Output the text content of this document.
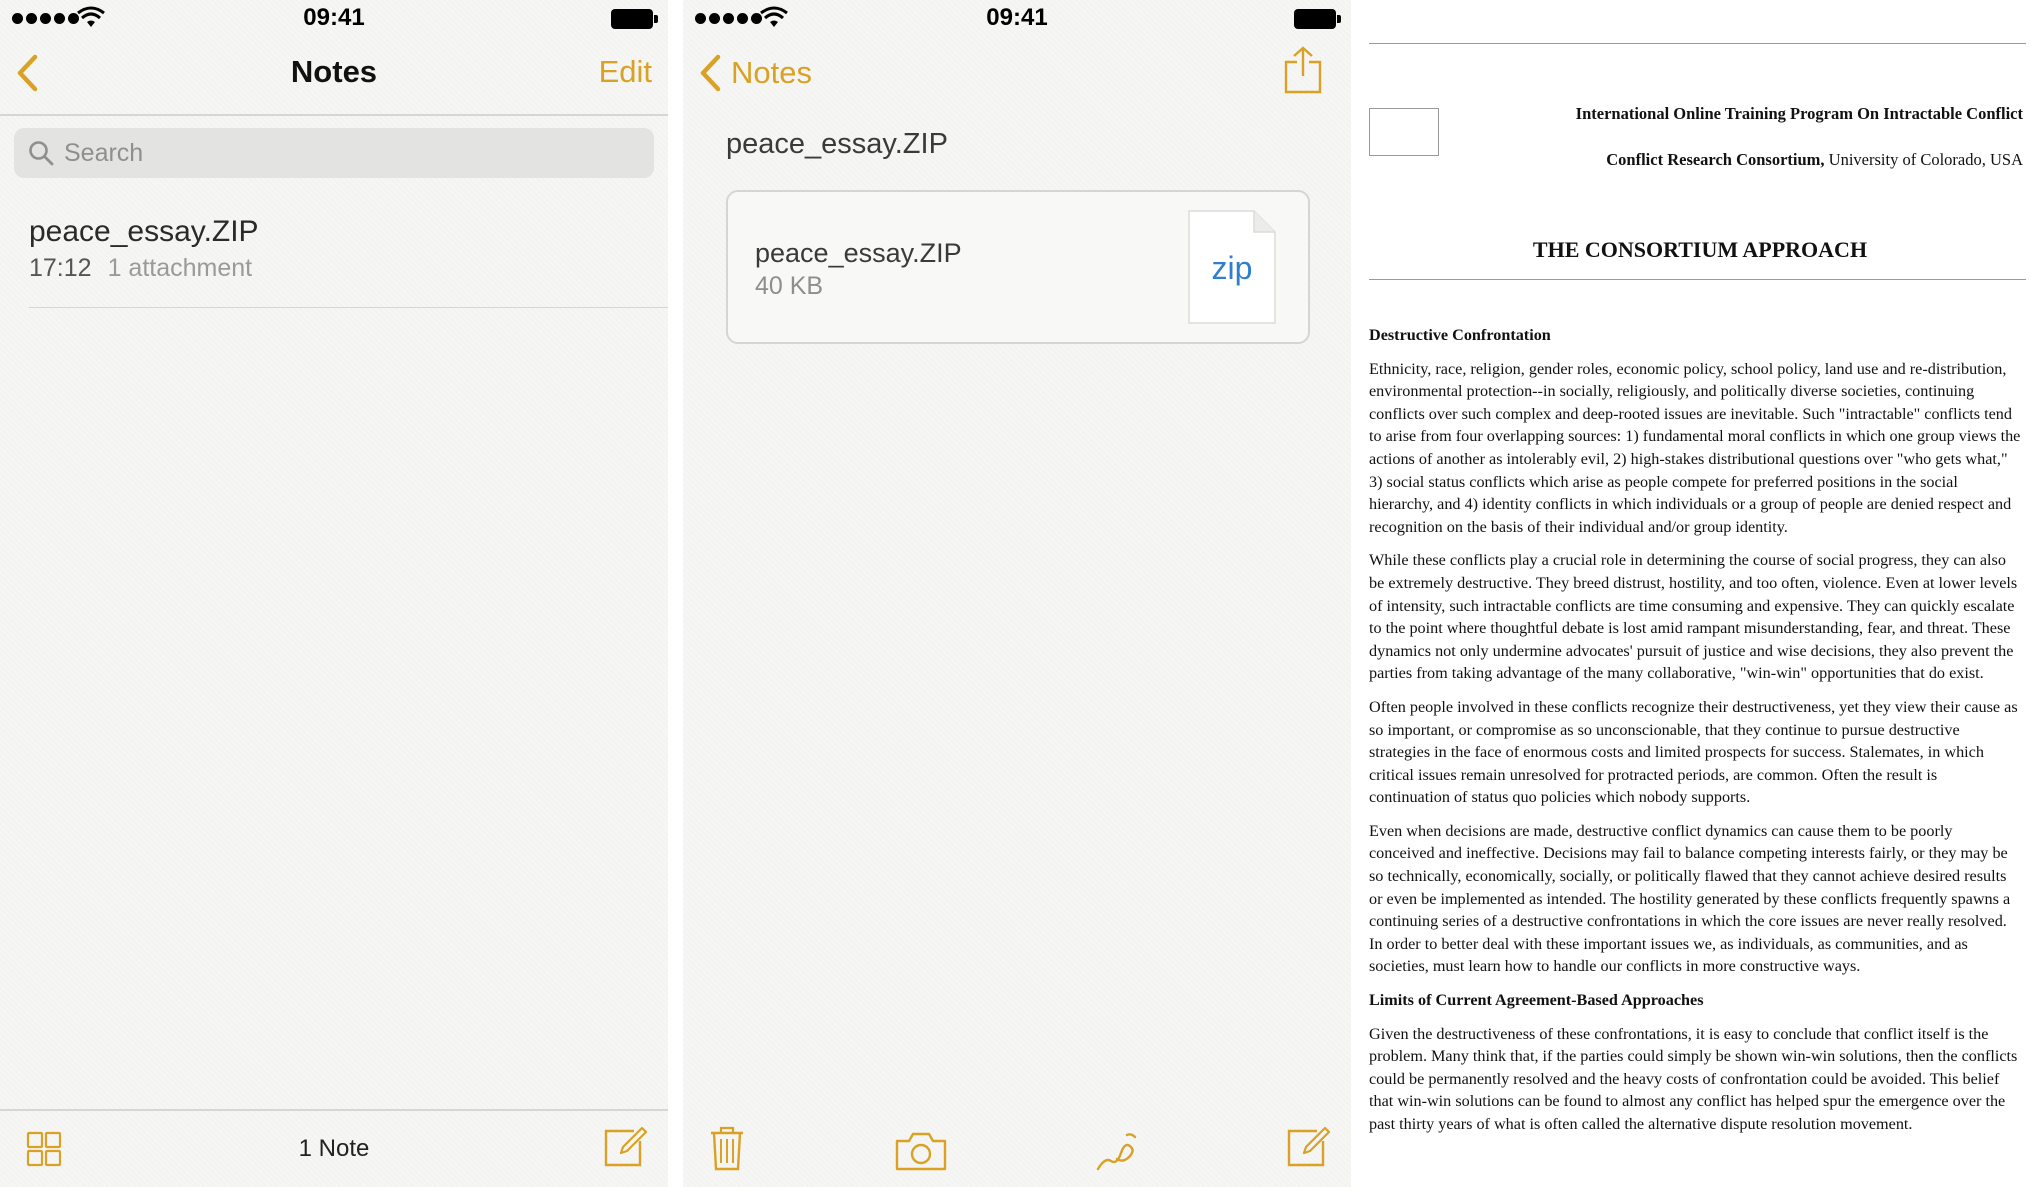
09:41
Notes	Edit
Search
peace_essay.ZIP
17:12 1 attachment
1 Note
09:41
Notes
peace_essay.ZIP
peace_essay.ZIP
40 KB	zip
International Online Training Program On Intractable Conflict
Conflict Research Consortium, University of Colorado, USA
THE CONSORTIUM APPROACH
Destructive Confrontation

Ethnicity, race, religion, gender roles, economic policy, school policy, land use and re-distribution, environmental protection--in socially, religiously, and politically diverse societies, continuing conflicts over such complex and deep-rooted issues are inevitable. Such "intractable" conflicts tend to arise from four overlapping sources: 1) fundamental moral conflicts in which one group views the actions of another as intolerably evil, 2) high-stakes distributional questions over "who gets what," 3) social status conflicts which arise as people compete for preferred positions in the social hierarchy, and 4) identity conflicts in which individuals or a group of people are denied respect and recognition on the basis of their individual and/or group identity.

While these conflicts play a crucial role in determining the course of social progress, they can also be extremely destructive. They breed distrust, hostility, and too often, violence. Even at lower levels of intensity, such intractable conflicts are time consuming and expensive. They can quickly escalate to the point where thoughtful debate is lost amid rampant misunderstanding, fear, and threat. These dynamics not only undermine advocates' pursuit of justice and wise decisions, they also prevent the parties from taking advantage of the many collaborative, "win-win" opportunities that do exist.

Often people involved in these conflicts recognize their destructiveness, yet they view their cause as so important, or compromise as so unconscionable, that they continue to pursue destructive strategies in the face of enormous costs and limited prospects for success. Stalemates, in which critical issues remain unresolved for protracted periods, are common. Often the result is continuation of status quo policies which nobody supports.

Even when decisions are made, destructive conflict dynamics can cause them to be poorly conceived and ineffective. Decisions may fail to balance competing interests fairly, or they may be so technically, economically, socially, or politically flawed that they cannot achieve desired results or even be implemented as intended. The hostility generated by these conflicts frequently spawns a continuing series of a destructive confrontations in which the core issues are never really resolved. In order to better deal with these important issues we, as individuals, as communities, and as societies, must learn how to handle our conflicts in more constructive ways.

Limits of Current Agreement-Based Approaches

Given the destructiveness of these confrontations, it is easy to conclude that conflict itself is the problem. Many think that, if the parties could simply be shown win-win solutions, then the conflicts could be permanently resolved and the heavy costs of confrontation could be avoided. This belief that win-win solutions can be found to almost any conflict has helped spur the emergence over the past thirty years of what is often called the alternative dispute resolution movement.
